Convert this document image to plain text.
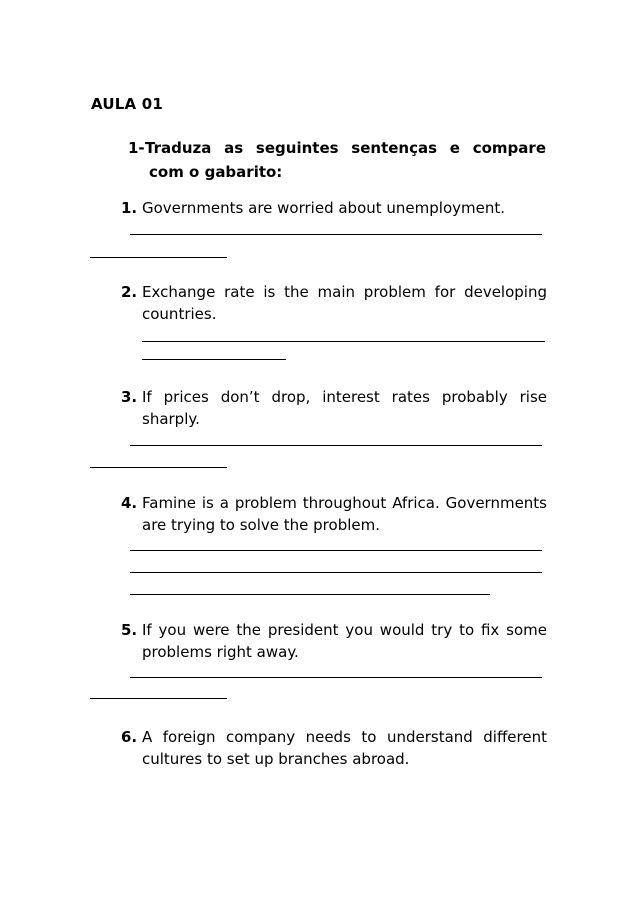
AULA 01
1- Traduza as seguintes sentenças e compare
com o gabarito:
1. Governments are worried about unemployment.
2. Exchange rate is the main problem for developing countries.
3. If prices don’t drop, interest rates probably rise sharply.
4. Famine is a problem throughout Africa. Governments are trying to solve the problem.
5. If you were the president you would try to fix some problems right away.
6. A foreign company needs to understand different cultures to set up branches abroad.
